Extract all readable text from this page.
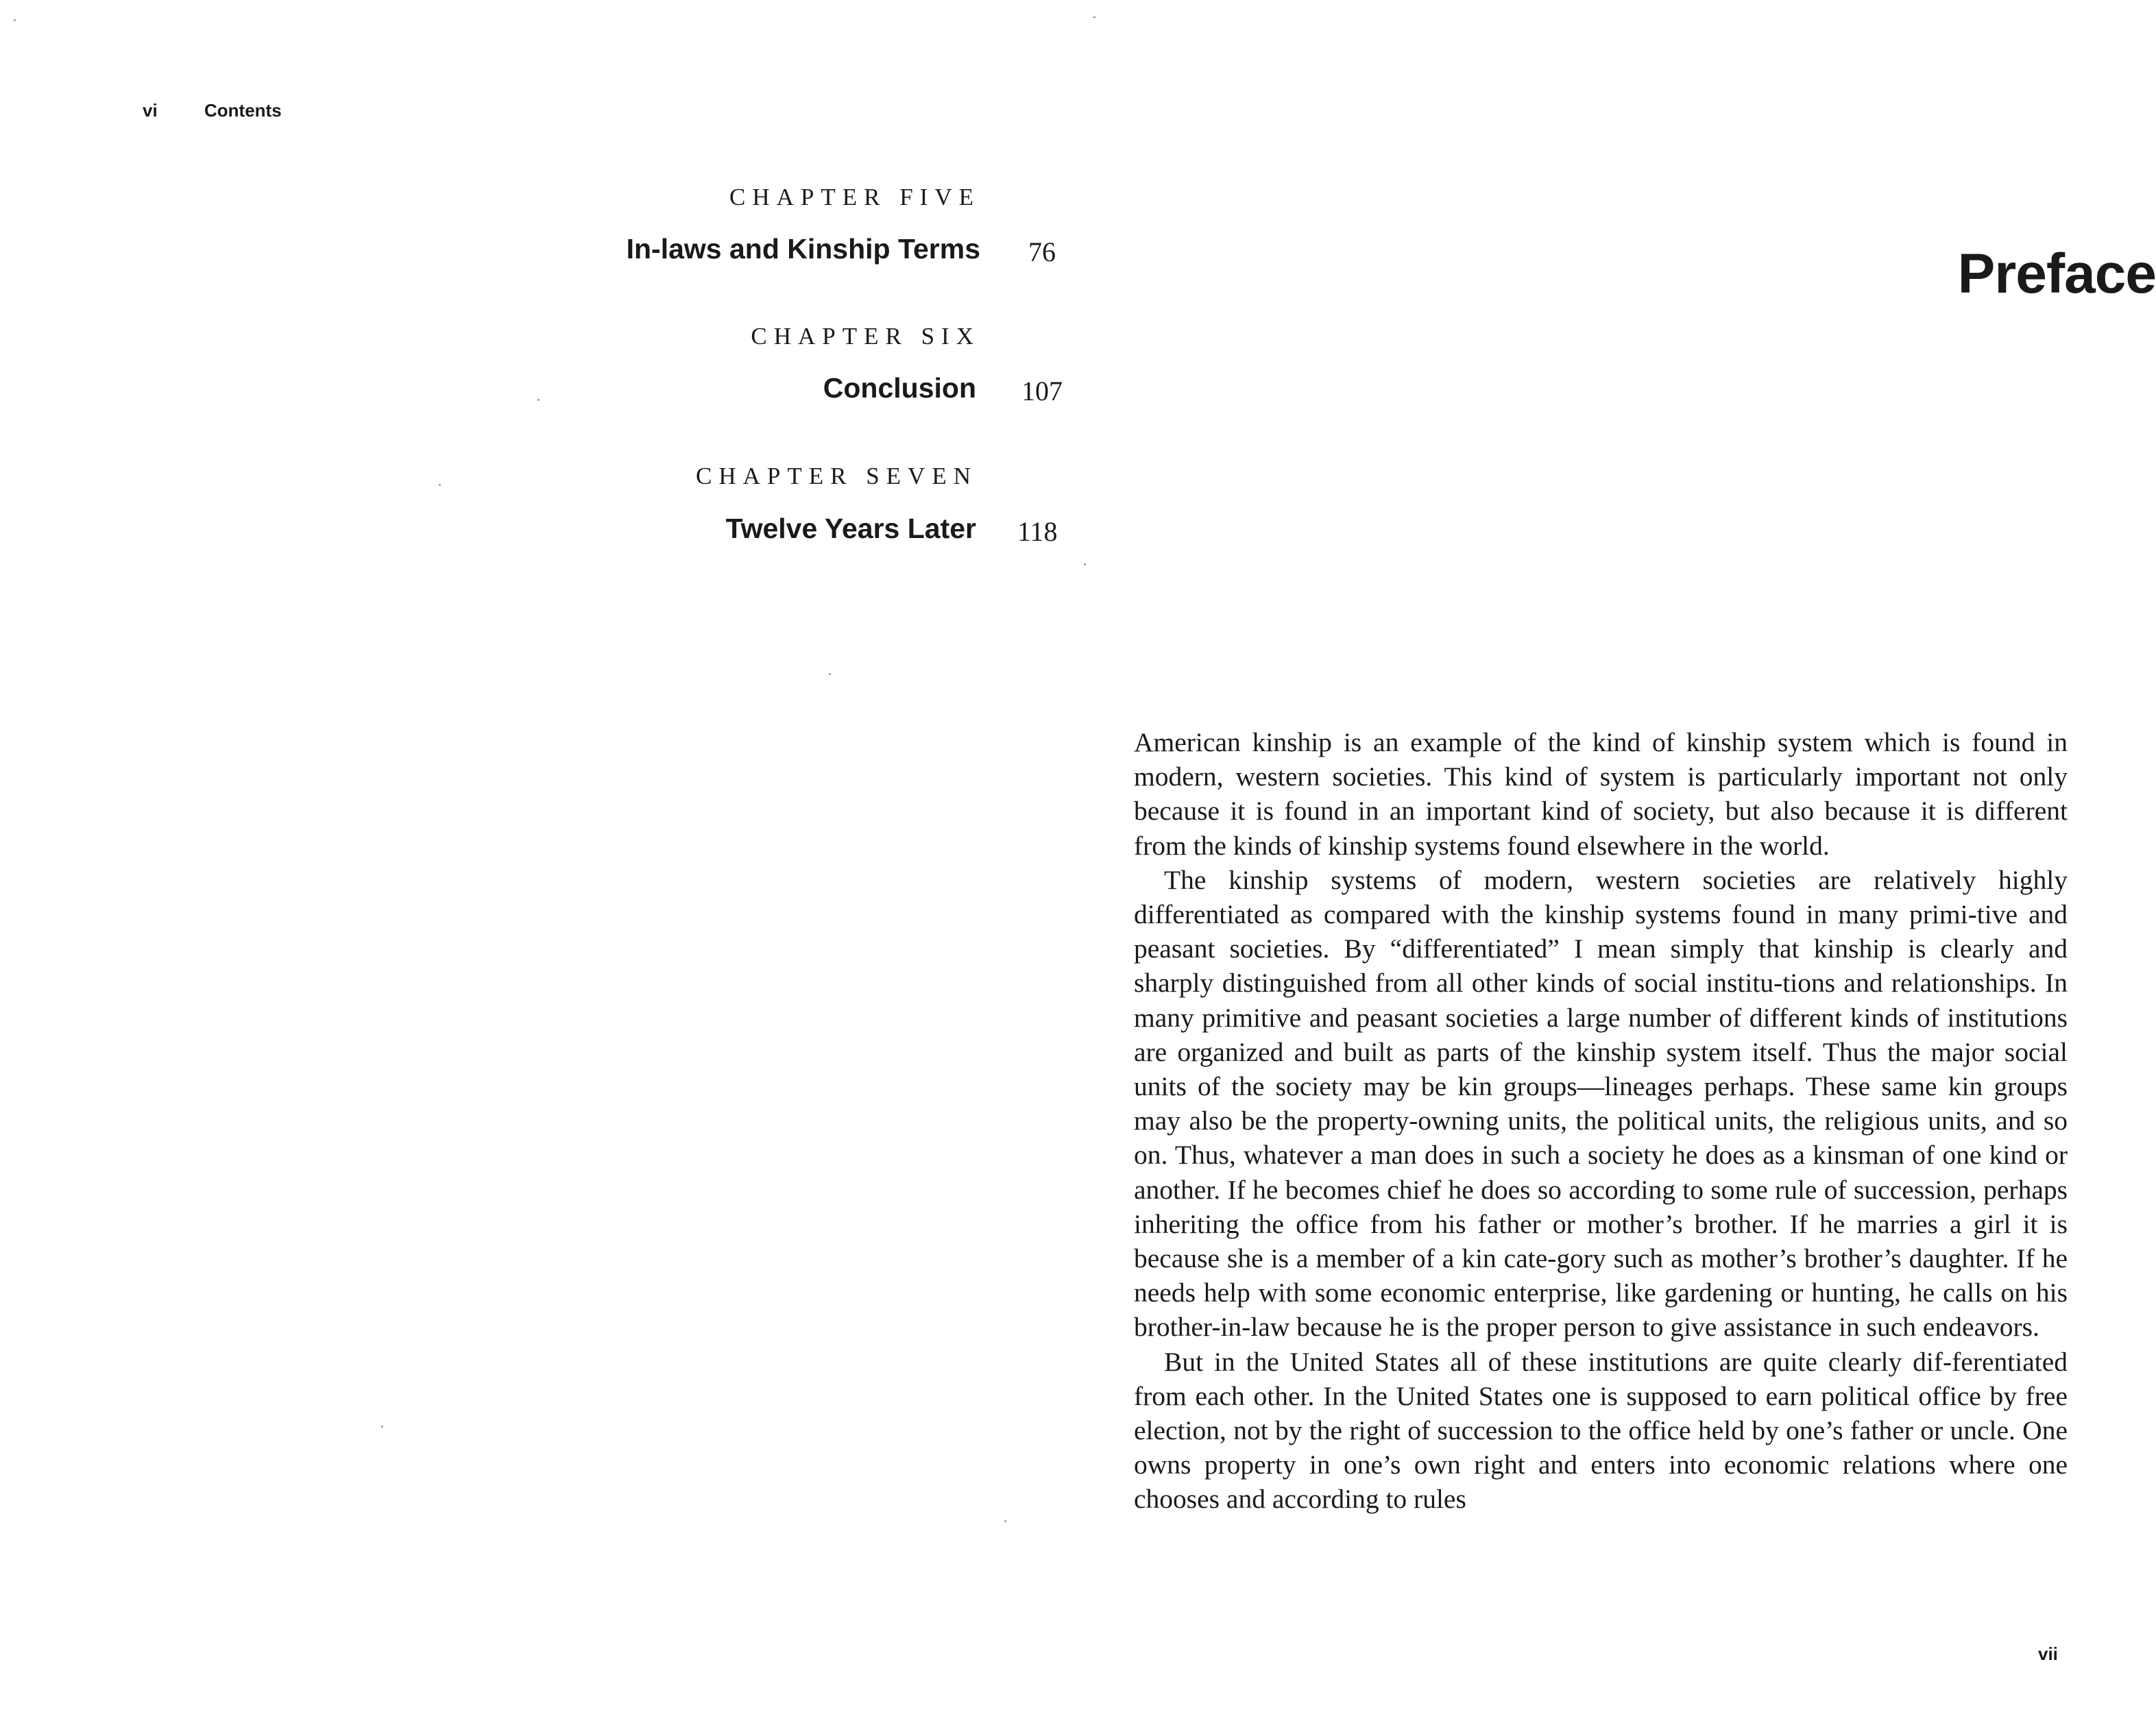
vi	Contents
CHAPTER FIVE
In-laws and Kinship Terms 76
CHAPTER SIX
Conclusion 107
CHAPTER SEVEN
Twelve Years Later 118
Preface

American kinship is an example of the kind of kinship system which is found in modern, western societies. This kind of system is particularly important not only because it is found in an important kind of society, but also because it is different from the kinds of kinship systems found elsewhere in the world.

The kinship systems of modern, western societies are relatively highly differentiated as compared with the kinship systems found in many primi-tive and peasant societies. By “differentiated” I mean simply that kinship is clearly and sharply distinguished from all other kinds of social institu-tions and relationships. In many primitive and peasant societies a large number of different kinds of institutions are organized and built as parts of the kinship system itself. Thus the major social units of the society may be kin groups—lineages perhaps. These same kin groups may also be the property-owning units, the political units, the religious units, and so on. Thus, whatever a man does in such a society he does as a kinsman of one kind or another. If he becomes chief he does so according to some rule of succession, perhaps inheriting the office from his father or mother’s brother. If he marries a girl it is because she is a member of a kin cate-gory such as mother’s brother’s daughter. If he needs help with some economic enterprise, like gardening or hunting, he calls on his brother-in-law because he is the proper person to give assistance in such endeavors.

But in the United States all of these institutions are quite clearly dif-ferentiated from each other. In the United States one is supposed to earn political office by free election, not by the right of succession to the office held by one’s father or uncle. One owns property in one’s own right and enters into economic relations where one chooses and according to rules

vii
